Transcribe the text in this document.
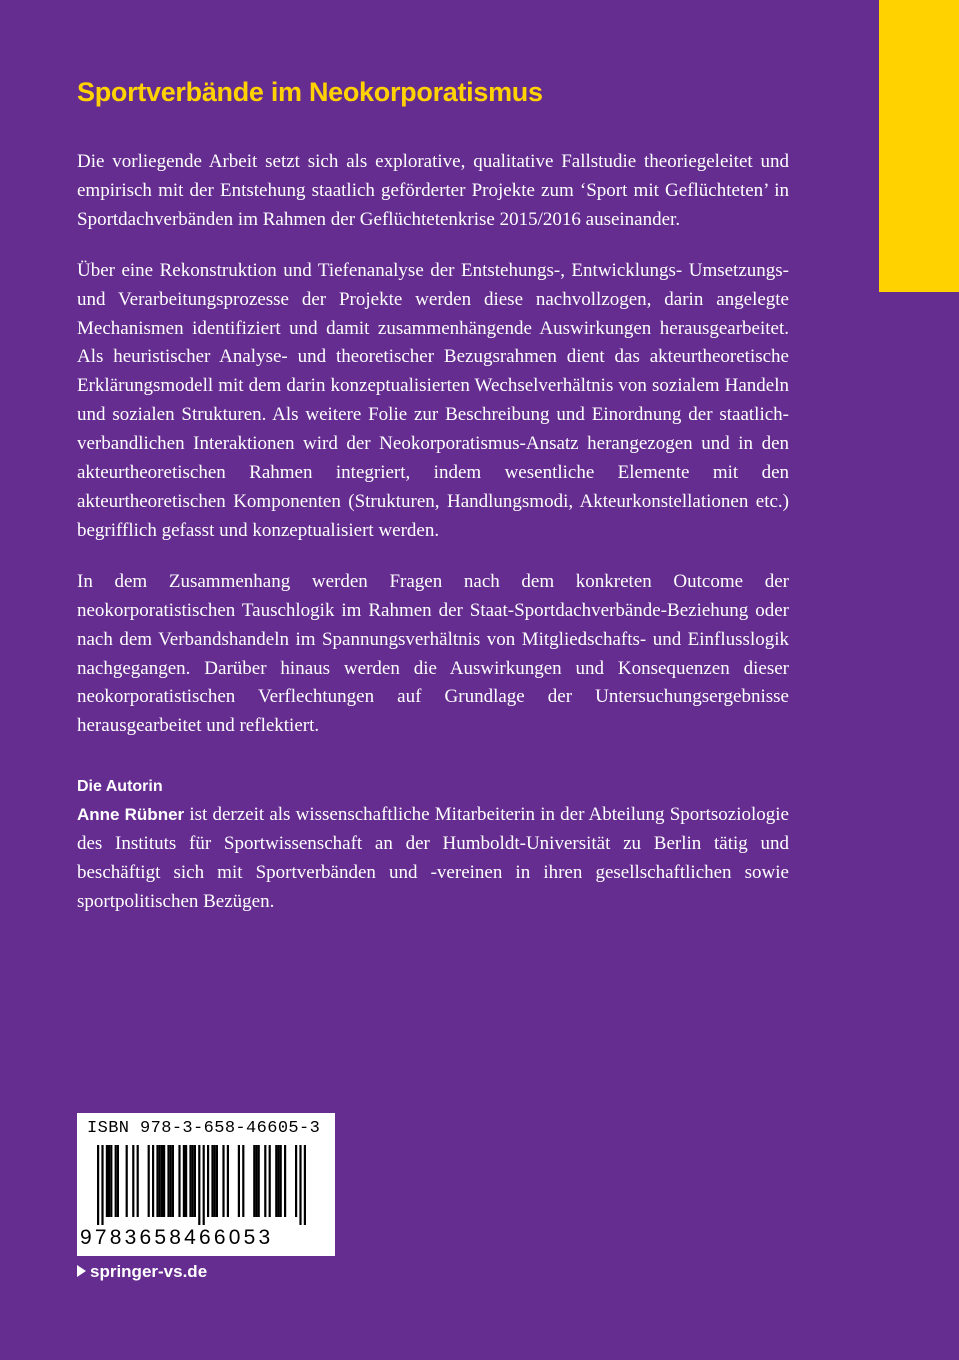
Sportverbände im Neokorporatismus

Die vorliegende Arbeit setzt sich als explorative, qualitative Fallstudie theoriegeleitet und empirisch mit der Entstehung staatlich geförderter Projekte zum ‘Sport mit Geflüchteten’ in Sportdachverbänden im Rahmen der Geflüchtetenkrise 2015/2016 auseinander.

Über eine Rekonstruktion und Tiefenanalyse der Entstehungs-, Entwicklungs- Umsetzungs- und Verarbeitungsprozesse der Projekte werden diese nachvollzogen, darin angelegte Mechanismen identifiziert und damit zusammenhängende Auswirkungen herausgearbeitet. Als heuristischer Analyse- und theoretischer Bezugsrahmen dient das akteurtheoretische Erklärungsmodell mit dem darin konzeptualisierten Wechselverhältnis von sozialem Handeln und sozialen Strukturen. Als weitere Folie zur Beschreibung und Einordnung der staatlich-verbandlichen Interaktionen wird der Neokorporatismus-Ansatz herangezogen und in den akteurtheoretischen Rahmen integriert, indem wesentliche Elemente mit den akteurtheoretischen Komponenten (Strukturen, Handlungsmodi, Akteurkonstellationen etc.) begrifflich gefasst und konzeptualisiert werden.

In dem Zusammenhang werden Fragen nach dem konkreten Outcome der neokorporatistischen Tauschlogik im Rahmen der Staat-Sportdachverbände-Beziehung oder nach dem Verbandshandeln im Spannungsverhältnis von Mitgliedschafts- und Einflusslogik nachgegangen. Darüber hinaus werden die Auswirkungen und Konsequenzen dieser neokorporatistischen Verflechtungen auf Grundlage der Untersuchungsergebnisse herausgearbeitet und reflektiert.

Die Autorin

Anne Rübner ist derzeit als wissenschaftliche Mitarbeiterin in der Abteilung Sportsoziologie des Instituts für Sportwissenschaft an der Humboldt-Universität zu Berlin tätig und beschäftigt sich mit Sportverbänden und -vereinen in ihren gesellschaftlichen sowie sportpolitischen Bezügen.

ISBN 978-3-658-46605-3
9783658466053
springer-vs.de
